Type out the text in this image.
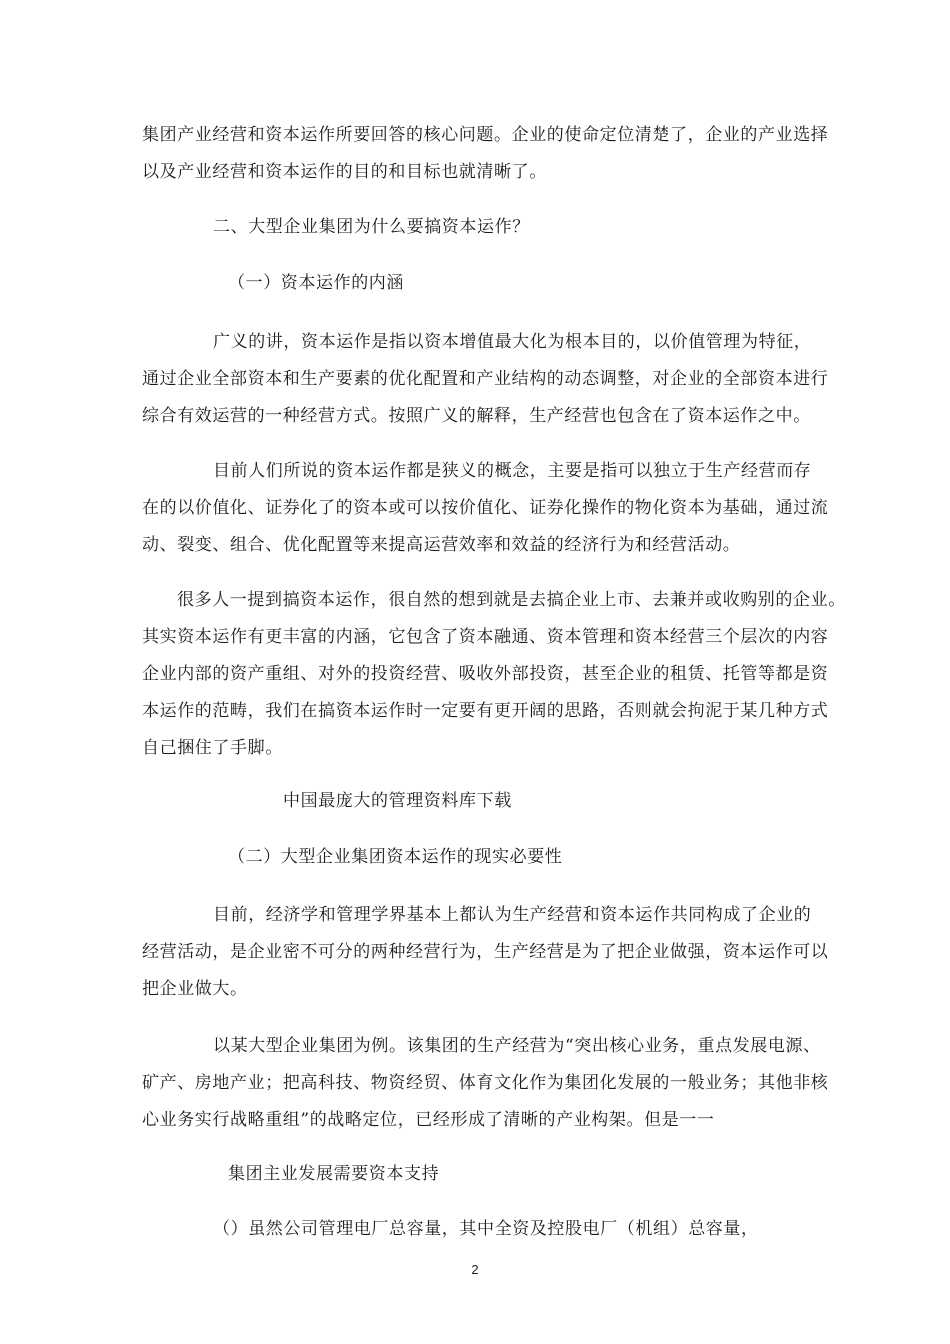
集团产业经营和资本运作所要回答的核心问题。企业的使命定位清楚了，企业的产业选择
以及产业经营和资本运作的目的和目标也就清晰了。
二、大型企业集团为什么要搞资本运作？
（一）资本运作的内涵
广义的讲，资本运作是指以资本增值最大化为根本目的，以价值管理为特征，
通过企业全部资本和生产要素的优化配置和产业结构的动态调整，对企业的全部资本进行
综合有效运营的一种经营方式。按照广义的解释，生产经营也包含在了资本运作之中。
目前人们所说的资本运作都是狭义的概念，主要是指可以独立于生产经营而存
在的以价值化、证券化了的资本或可以按价值化、证券化操作的物化资本为基础，通过流
动、裂变、组合、优化配置等来提高运营效率和效益的经济行为和经营活动。
很多人一提到搞资本运作，很自然的想到就是去搞企业上市、去兼并或收购别的企业。
其实资本运作有更丰富的内涵，它包含了资本融通、资本管理和资本经营三个层次的内容
企业内部的资产重组、对外的投资经营、吸收外部投资，甚至企业的租赁、托管等都是资
本运作的范畴，我们在搞资本运作时一定要有更开阔的思路，否则就会拘泥于某几种方式
自己捆住了手脚。
中国最庞大的管理资料库下载
（二）大型企业集团资本运作的现实必要性
目前，经济学和管理学界基本上都认为生产经营和资本运作共同构成了企业的
经营活动，是企业密不可分的两种经营行为，生产经营是为了把企业做强，资本运作可以
把企业做大。
以某大型企业集团为例。该集团的生产经营为“突出核心业务，重点发展电源、
矿产、房地产业；把高科技、物资经贸、体育文化作为集团化发展的一般业务；其他非核
心业务实行战略重组”的战略定位，已经形成了清晰的产业构架。但是一一
集团主业发展需要资本支持
（）虽然公司管理电厂总容量，其中全资及控股电厂（机组）总容量，
2
